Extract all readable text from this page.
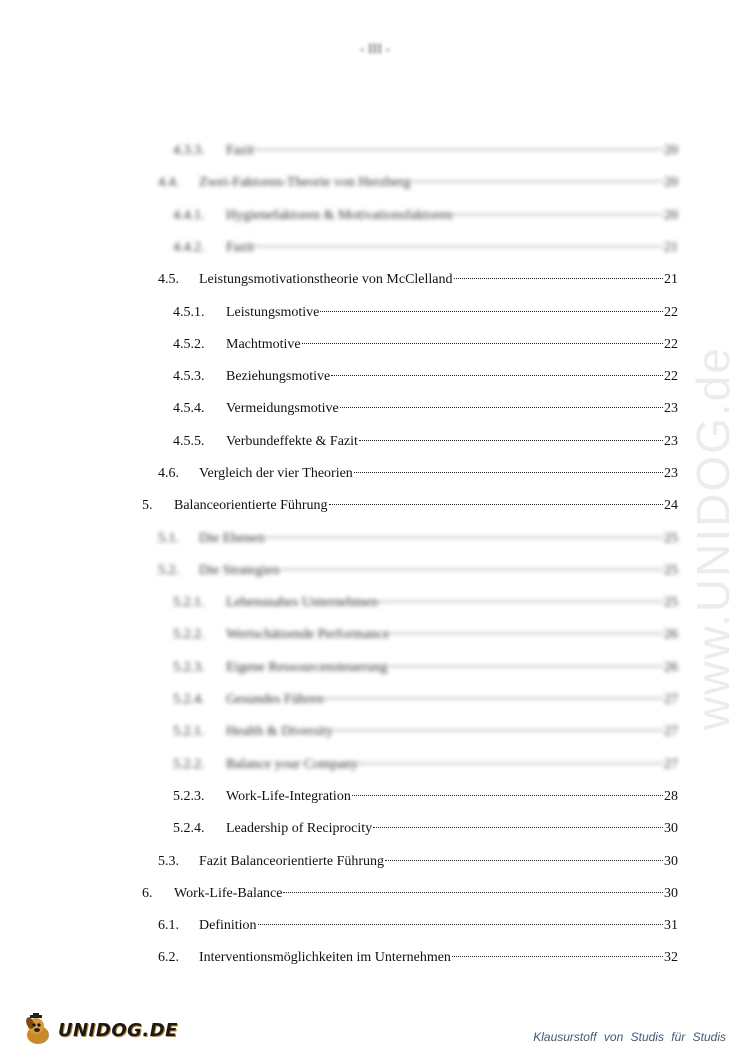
- III -
www.UNIDOG.de
4.3.3. Fazit	20
4.4. Zwei-Faktoren-Theorie von Herzberg	20
4.4.1. Hygienefaktoren & Motivationsfaktoren	20
4.4.2. Fazit	21
4.5. Leistungsmotivationstheorie von McClelland	21
4.5.1. Leistungsmotive	22
4.5.2. Machtmotive	22
4.5.3. Beziehungsmotive	22
4.5.4. Vermeidungsmotive	23
4.5.5. Verbundeffekte & Fazit	23
4.6. Vergleich der vier Theorien	23
5. Balanceorientierte Führung	24
5.1. Die Ebenen	25
5.2. Die Strategien	25
5.2.1. Lebensnahes Unternehmen	25
5.2.2. Wertschätzende Performance	26
5.2.3. Eigene Ressourcensteuerung	26
5.2.4. Gesundes Führen	27
5.2.1. Health & Diversity	27
5.2.2. Balance your Company	27
5.2.3. Work-Life-Integration	28
5.2.4. Leadership of Reciprocity	30
5.3. Fazit Balanceorientierte Führung	30
6. Work-Life-Balance	30
6.1. Definition	31
6.2. Interventionsmöglichkeiten im Unternehmen	32
UNIDOG.DE	Klausurstoff von Studis für Studis
